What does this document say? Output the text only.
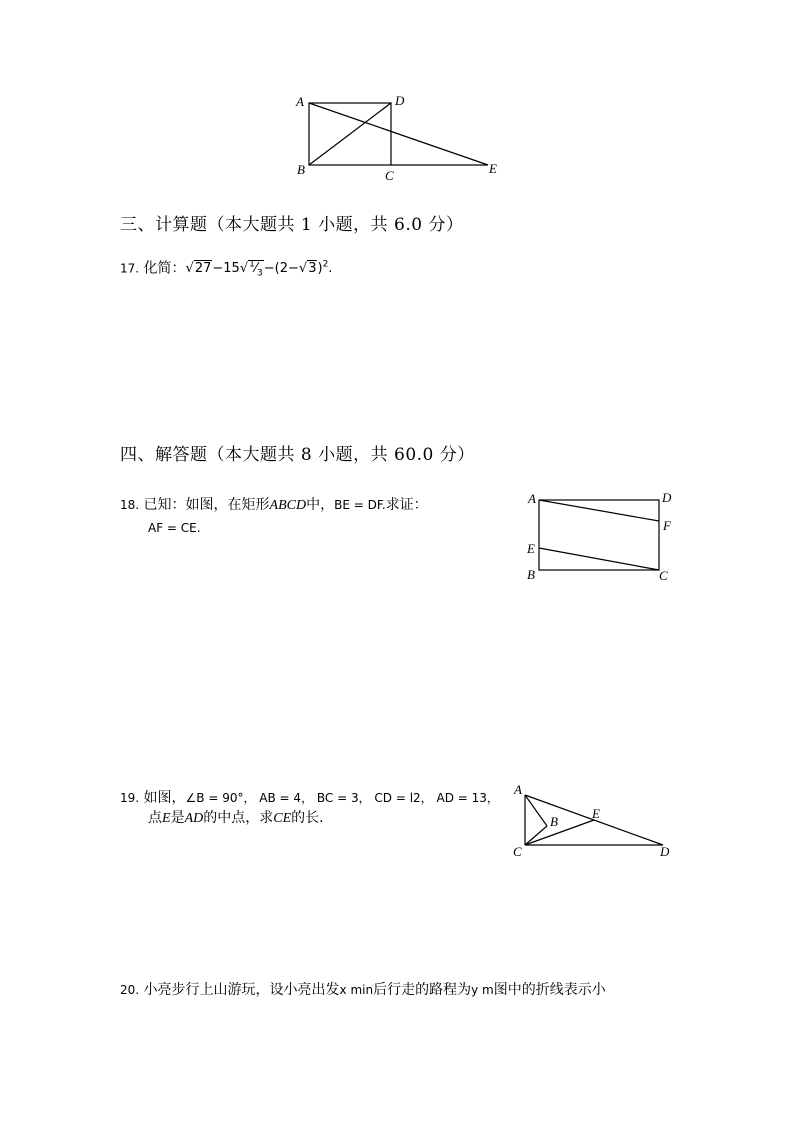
A	D
B	C	E
三、计算题（本大题共 1 小题，共 6.0 分）
17. 化简：$√27-15√^1⁄_3-(2-√3)^2$.
四、解答题（本大题共 8 小题，共 60.0 分）
18. 已知：如图，在矩形ABCD中，BE = DF.求证：
AF = CE.
A	D
F
E
B	C
19. 如图，∠B = 90°， AB = 4， BC = 3， CD = l2， AD = 13，
点E是AD的中点，求CE的长.
A
B
E
C	D
20. 小亮步行上山游玩，设小亮出发x min后行走的路程为y m图中的折线表示小
